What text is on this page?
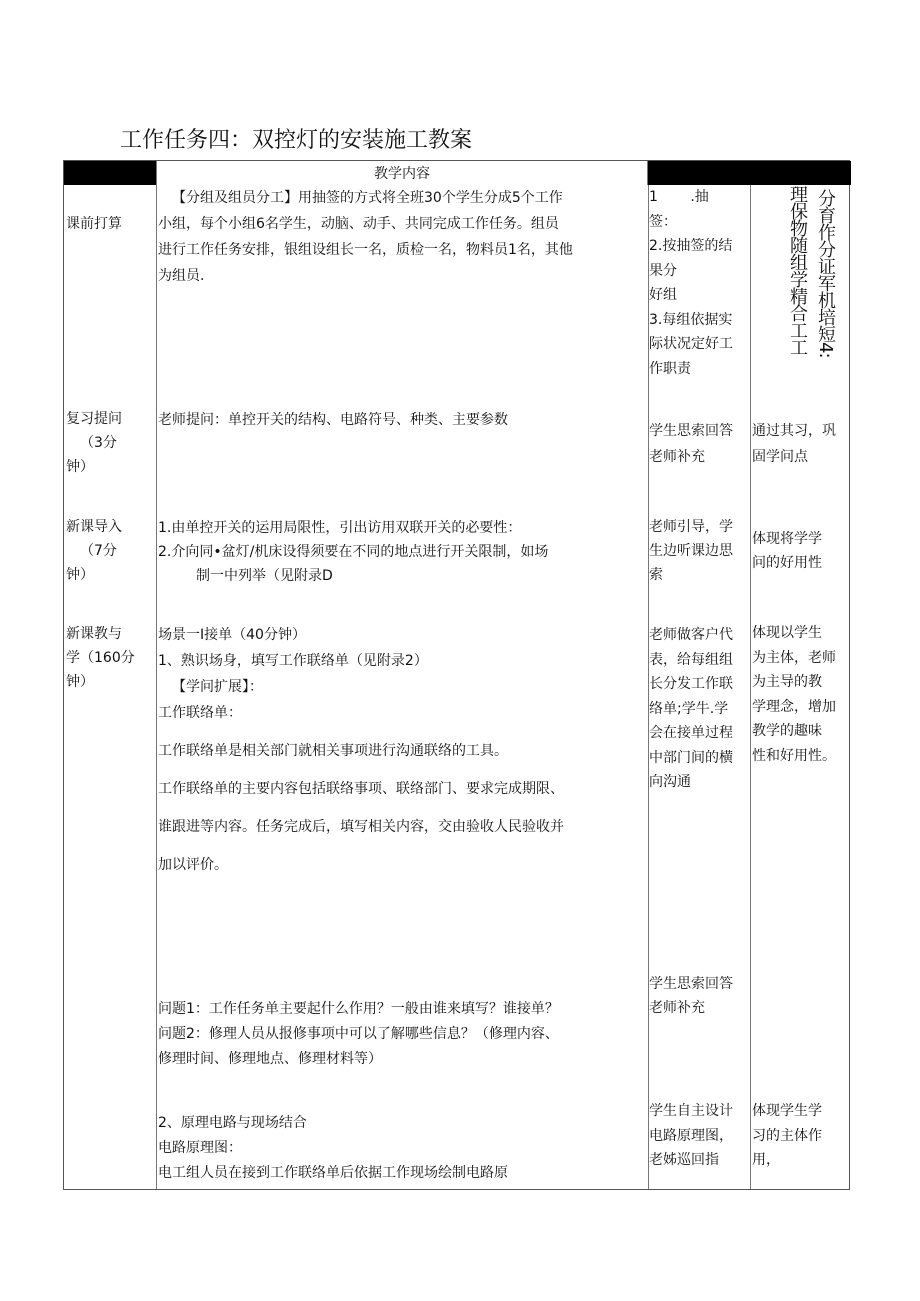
工作任务四：双控灯的安装施工教案
教学内容
课前打算

【分组及组员分工】用抽签的方式将全班30个学生分成5个工作

小组，每个小组6名学生，动脑、动手、共同完成工作任务。组员

进行工作任务安排，银组设组长一名，质检一名，物料员1名，其他

为组员.

1　　 .抽

签：

2.按抽签的结

果分

好组

3.每组依据实

际状况定好工

作职责

分育作分证军机培短4:
理保物随组学精合工工

复习提问

（3分

钟）

老师提问：单控开关的结构、电路符号、种类、主要参数

学生思索回答

老师补充

通过其习，巩

固学问点

新课导入

（7分

钟）

1.由单控开关的运用局限性，引出访用双联开关的必要性：

2.介向同•盆灯/机床设得须要在不同的地点进行开关限制，如场

制一中列举（见附录D

老师引导，学

生边听课边思

索

体现将学学

问的好用性

新课教与

学（160分

钟）

场景一I接单（40分钟）

1、熟识场身，填写工作联络单（见附录2）

【学问扩展】：

工作联络单：

工作联络单是相关部门就相关事项进行沟通联络的工具。

工作联络单的主要内容包括联络事项、联络部门、要求完成期限、

谁跟进等内容。任务完成后，填写相关内容，交由验收人民验收并

加以评价。

老师做客户代

表，给每组组

长分发工作联

络单;学牛.学

会在接单过程

中部门间的横

向沟通

体现以学生

为主体，老师

为主导的教

学理念，增加

教学的趣味

性和好用性。

学生思索回答

老师补充

问题1：工作任务单主要起什么作用？一般由谁来填写？谁接单？

问题2：修理人员从报修事项中可以了解哪些信息？（修理内容、

修理时间、修理地点、修理材料等）

学生自主设计

电路原理图，

老姊巡回指

体现学生学

习的主体作

用，

2、原理电路与现场结合

电路原理图：

电工组人员在接到工作联络单后依据工作现场绘制电路原
